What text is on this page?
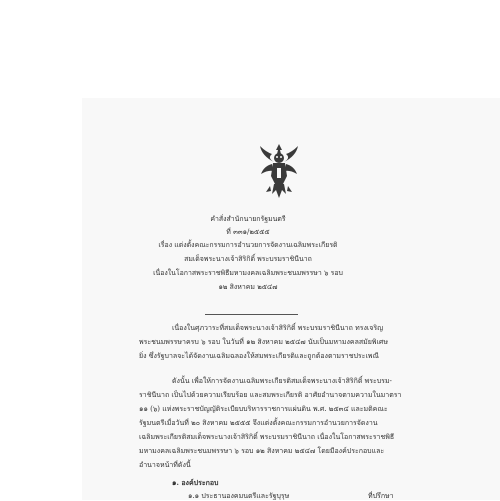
คำสั่งสำนักนายกรัฐมนตรี
ที่ ๓๓๑/๒๕๕๕
เรื่อง แต่งตั้งคณะกรรมการอำนวยการจัดงานเฉลิมพระเกียรติ
สมเด็จพระนางเจ้าสิริกิติ์ พระบรมราชินีนาถ
เนื่องในโอกาสพระราชพิธีมหามงคลเฉลิมพระชนมพรรษา ๖ รอบ
๑๒ สิงหาคม ๒๕๔๗
เนื่องในศุภวาระที่สมเด็จพระนางเจ้าสิริกิติ์ พระบรมราชินีนาถ ทรงเจริญ
พระชนมพรรษาครบ ๖ รอบ ในวันที่ ๑๒ สิงหาคม ๒๕๔๗ นับเป็นมหามงคลสมัยพิเศษ
ยิ่ง ซึ่งรัฐบาลจะได้จัดงานเฉลิมฉลองให้สมพระเกียรติและถูกต้องตามราชประเพณี
ดังนั้น เพื่อให้การจัดงานเฉลิมพระเกียรติสมเด็จพระนางเจ้าสิริกิติ์ พระบรม-
ราชินีนาถ เป็นไปด้วยความเรียบร้อย และสมพระเกียรติ อาศัยอำนาจตามความในมาตรา
๑๑ (๖) แห่งพระราชบัญญัติระเบียบบริหารราชการแผ่นดิน พ.ศ. ๒๕๓๔ และมติคณะ
รัฐมนตรีเมื่อวันที่ ๒๐ สิงหาคม ๒๕๕๕ จึงแต่งตั้งคณะกรรมการอำนวยการจัดงาน
เฉลิมพระเกียรติสมเด็จพระนางเจ้าสิริกิติ์ พระบรมราชินีนาถ เนื่องในโอกาสพระราชพิธี
มหามงคลเฉลิมพระชนมพรรษา ๖ รอบ ๑๒ สิงหาคม ๒๕๔๗ โดยมีองค์ประกอบและ
อำนาจหน้าที่ดังนี้
๑. องค์ประกอบ
๑.๑ ประธานองคมนตรีและรัฐบุรุษ	ที่ปรึกษา
